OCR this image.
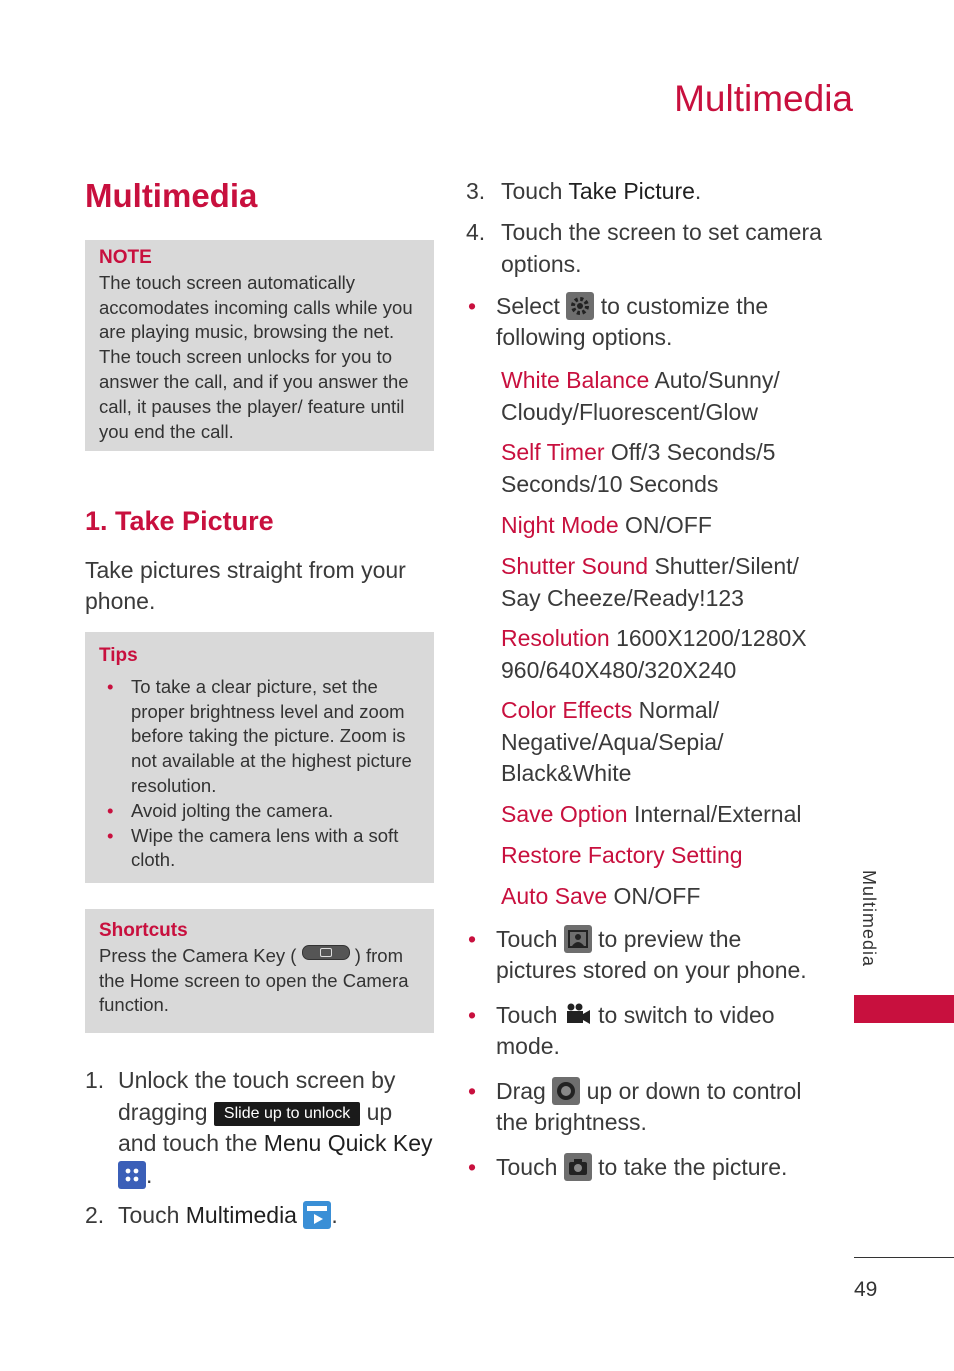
Multimedia
Multimedia
NOTE
The touch screen automatically accomodates incoming calls while you are playing music, browsing the net. The touch screen unlocks for you to answer the call, and if you answer the call, it pauses the player/ feature until you end the call.
1. Take Picture
Take pictures straight from your phone.
Tips
• To take a clear picture, set the proper brightness level and zoom before taking the picture. Zoom is not available at the highest picture resolution.
• Avoid jolting the camera.
• Wipe the camera lens with a soft cloth.
Shortcuts
Press the Camera Key (	) from the Home screen to open the Camera function.
1. Unlock the touch screen by dragging Slide up to unlock up and touch the Menu Quick Key .
2. Touch Multimedia .
3. Touch Take Picture.
4. Touch the screen to set camera options.
• Select to customize the following options.
White Balance Auto/Sunny/ Cloudy/Fluorescent/Glow
Self Timer Off/3 Seconds/5 Seconds/10 Seconds
Night Mode ON/OFF
Shutter Sound Shutter/Silent/ Say Cheeze/Ready!123
Resolution 1600X1200/1280X 960/640X480/320X240
Color Effects Normal/ Negative/Aqua/Sepia/ Black&White
Save Option Internal/External
Restore Factory Setting
Auto Save ON/OFF
• Touch to preview the pictures stored on your phone.
• Touch to switch to video mode.
• Drag up or down to control the brightness.
• Touch to take the picture.
Multimedia
49
